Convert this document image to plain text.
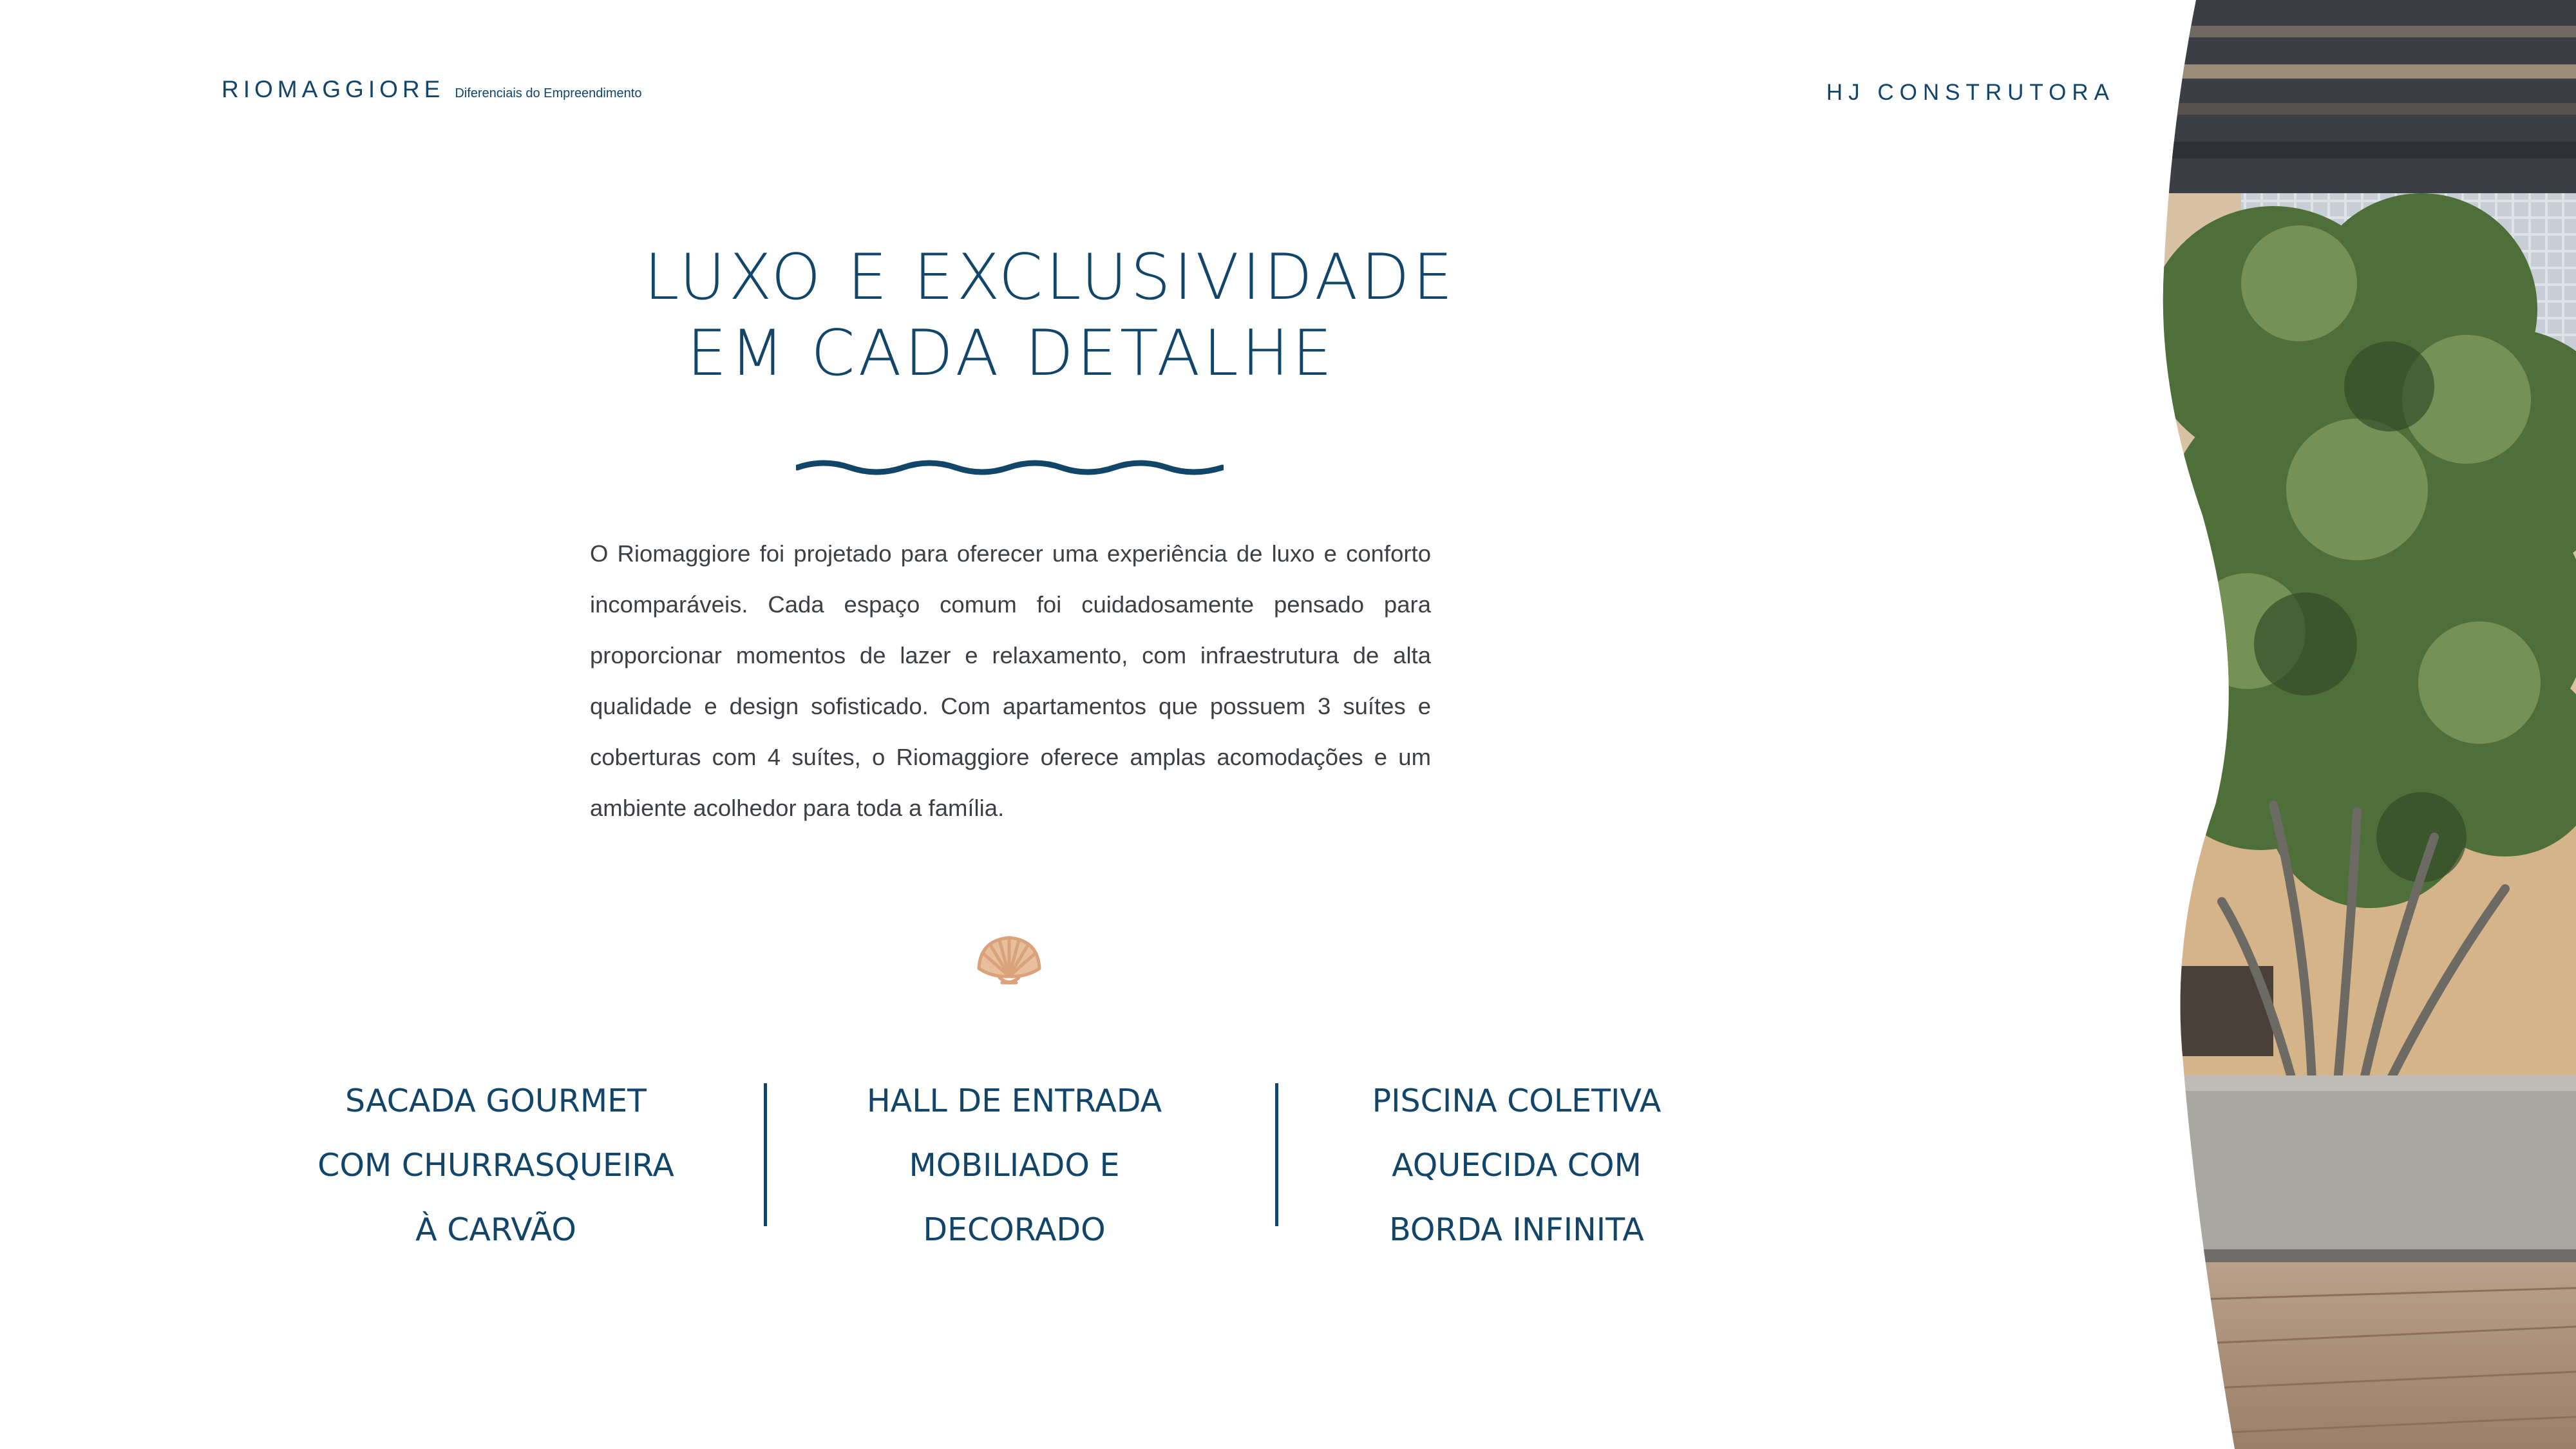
RIOMAGGIORE Diferenciais do Empreendimento	HJ CONSTRUTORA
LUXO E EXCLUSIVIDADE
EM CADA DETALHE
O Riomaggiore foi projetado para oferecer uma experiência de luxo e conforto
incomparáveis. Cada espaço comum foi cuidadosamente pensado para
proporcionar momentos de lazer e relaxamento, com infraestrutura de alta
qualidade e design sofisticado. Com apartamentos que possuem 3 suítes e
coberturas com 4 suítes, o Riomaggiore oferece amplas acomodações e um
ambiente acolhedor para toda a família.
SACADA GOURMET
COM CHURRASQUEIRA
À CARVÃO
HALL DE ENTRADA
MOBILIADO E
DECORADO
PISCINA COLETIVA
AQUECIDA COM
BORDA INFINITA
